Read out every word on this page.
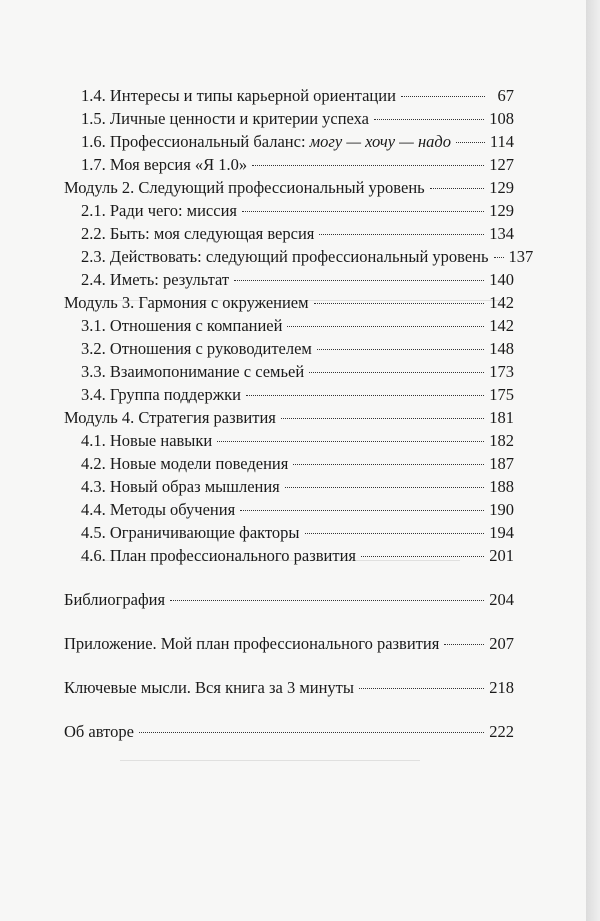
1.4. Интересы и типы карьерной ориентации	67
1.5. Личные ценности и критерии успеха	108
1.6. Профессиональный баланс: могу — хочу — надо 114
1.7. Моя версия «Я 1.0»	127
Модуль 2. Следующий профессиональный уровень	129
2.1. Ради чего: миссия	129
2.2. Быть: моя следующая версия	134
2.3. Действовать: следующий профессиональный уровень 137
2.4. Иметь: результат	140
Модуль 3. Гармония с окружением	142
3.1. Отношения с компанией	142
3.2. Отношения с руководителем	148
3.3. Взаимопонимание с семьей	173
3.4. Группа поддержки	175
Модуль 4. Стратегия развития	181
4.1. Новые навыки	182
4.2. Новые модели поведения	187
4.3. Новый образ мышления	188
4.4. Методы обучения	190
4.5. Ограничивающие факторы	194
4.6. План профессионального развития	201
Библиография	204
Приложение. Мой план профессионального развития	207
Ключевые мысли. Вся книга за 3 минуты	218
Об авторе	222
